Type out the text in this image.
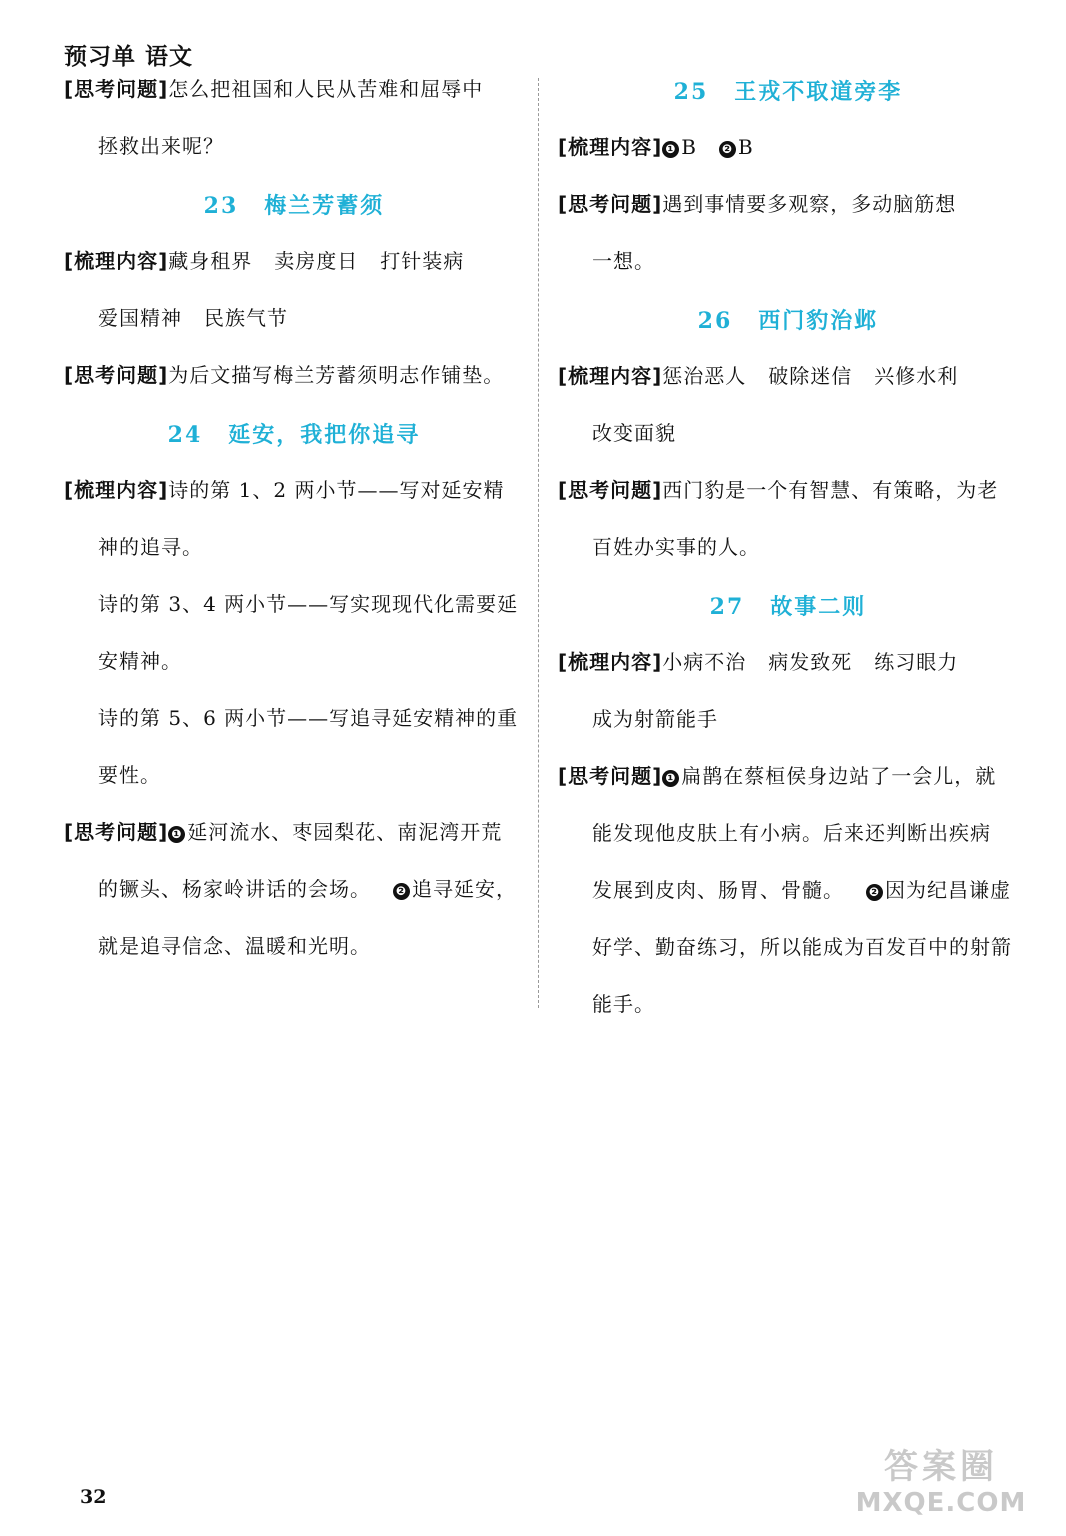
预习单 语文
[思考问题]怎么把祖国和人民从苦难和屈辱中
拯救出来呢？
23 梅兰芳蓄须
[梳理内容]藏身租界 卖房度日 打针装病
爱国精神 民族气节
[思考问题]为后文描写梅兰芳蓄须明志作铺垫。
24 延安，我把你追寻
[梳理内容]诗的第 1、2 两小节——写对延安精
神的追寻。
诗的第 3、4 两小节——写实现现代化需要延
安精神。
诗的第 5、6 两小节——写追寻延安精神的重
要性。
[思考问题] ❶ 延河流水、枣园梨花、南泥湾开荒
的镢头、杨家岭讲话的会场。 ❷ 追寻延安，
就是追寻信念、温暖和光明。
25 王戎不取道旁李
[梳理内容] ❶ B ❷ B
[思考问题]遇到事情要多观察，多动脑筋想
一想。
26 西门豹治邺
[梳理内容]惩治恶人 破除迷信 兴修水利
改变面貌
[思考问题]西门豹是一个有智慧、有策略，为老
百姓办实事的人。
27 故事二则
[梳理内容]小病不治 病发致死 练习眼力
成为射箭能手
[思考问题] ❶ 扁鹊在蔡桓侯身边站了一会儿，就
能发现他皮肤上有小病。后来还判断出疾病
发展到皮肉、肠胃、骨髓。 ❷ 因为纪昌谦虚
好学、勤奋练习，所以能成为百发百中的射箭
能手。
32
答案圈
MXQE.COM
